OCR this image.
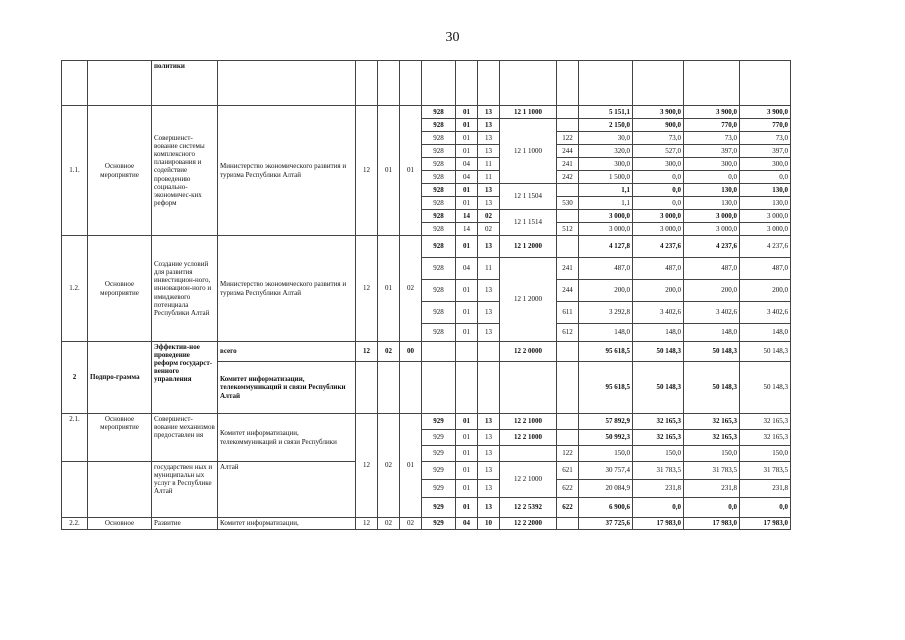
30
		политики													
1.1.	Основное мероприятие	Совершенст-вование системы комплексного планирования и содействие проведению социально-экономичес-ких реформ	Министерство экономического развития и туризма Республики Алтай	12	01	01	928	01	13	12 1 1000		5 151,1	3 900,0	3 900,0	3 900,0
							928	01	13	12 1 1000		2 150,0	900,0	770,0	770,0
							928	01	13		122	30,0	73,0	73,0	73,0
							928	01	13		244	320,0	527,0	397,0	397,0
							928	04	11		241	300,0	300,0	300,0	300,0
							928	04	11		242	1 500,0	0,0	0,0	0,0
							928	01	13	12 1 1504		1,1	0,0	130,0	130,0
							928	01	13		530	1,1	0,0	130,0	130,0
							928	14	02	12 1 1514		3 000,0	3 000,0	3 000,0	3 000,0
							928	14	02		512	3 000,0	3 000,0	3 000,0	3 000,0
1.2.	Основное мероприятие	Создание условий для развития инвестицион-ного, инновацион-ного и имиджевого потенциала Республики Алтай	Министерство экономического развития и туризма Республики Алтай	12	01	02	928	01	13	12 1 2000		4 127,8	4 237,6	4 237,6	4 237,6
							928	04	11	12 1 2000	241	487,0	487,0	487,0	487,0
							928	01	13		244	200,0	200,0	200,0	200,0
							928	01	13		611	3 292,8	3 402,6	3 402,6	3 402,6
							928	01	13		612	148,0	148,0	148,0	148,0
2	Подпро-грамма	Эффектив-ное проведение реформ государст-венного управления	всего	12	02	00				12 2 0000		95 618,5	50 148,3	50 148,3	50 148,3
			Комитет информатизации, телекоммуникаций и связи Республики Алтай									95 618,5	50 148,3	50 148,3	50 148,3
2.1.	Основное мероприятие	Совершенст-вование механизмов предоставлен ия	Комитет информатизации, телекоммуникаций и связи Республики	12	02	01	929	01	13	12 2 1000		57 892,9	32 165,3	32 165,3	32 165,3
							929	01	13	12 2 1000		50 992,3	32 165,3	32 165,3	32 165,3
							929	01	13		122	150,0	150,0	150,0	150,0
		государствен ных и муниципальн ых услуг в Республике Алтай	Алтай				929	01	13	12 2 1000	621	30 757,4	31 783,5	31 783,5	31 783,5
							929	01	13		622	20 084,9	231,8	231,8	231,8
							929	01	13	12 2 5392	622	6 900,6	0,0	0,0	0,0
2.2.	Основное	Развитие	Комитет информатизации,	12	02	02	929	04	10	12 2 2000		37 725,6	17 983,0	17 983,0	17 983,0
